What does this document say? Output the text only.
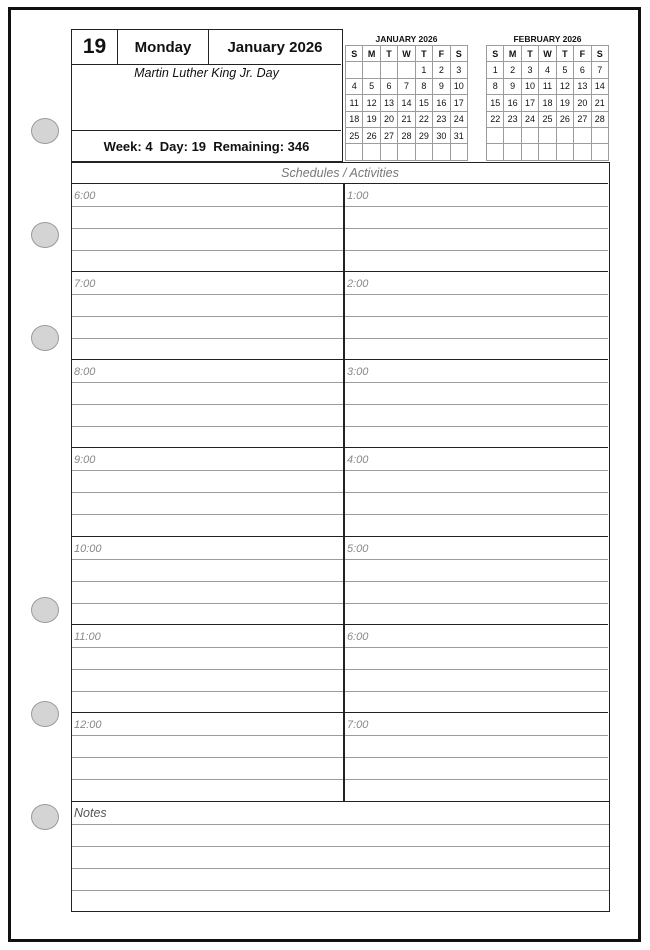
19	Monday	January 2026
Martin Luther King Jr. Day
Week: 4  Day: 19  Remaining: 346
JANUARY 2026
S	M	T	W	T	F	S
				1	2	3
4	5	6	7	8	9	10
11	12	13	14	15	16	17
18	19	20	21	22	23	24
25	26	27	28	29	30	31

FEBRUARY 2026
S	M	T	W	T	F	S
1	2	3	4	5	6	7
8	9	10	11	12	13	14
15	16	17	18	19	20	21
22	23	24	25	26	27	28

Schedules / Activities
6:00
7:00
8:00
9:00
10:00
11:00
12:00
1:00
2:00
3:00
4:00
5:00
6:00
7:00
Notes
